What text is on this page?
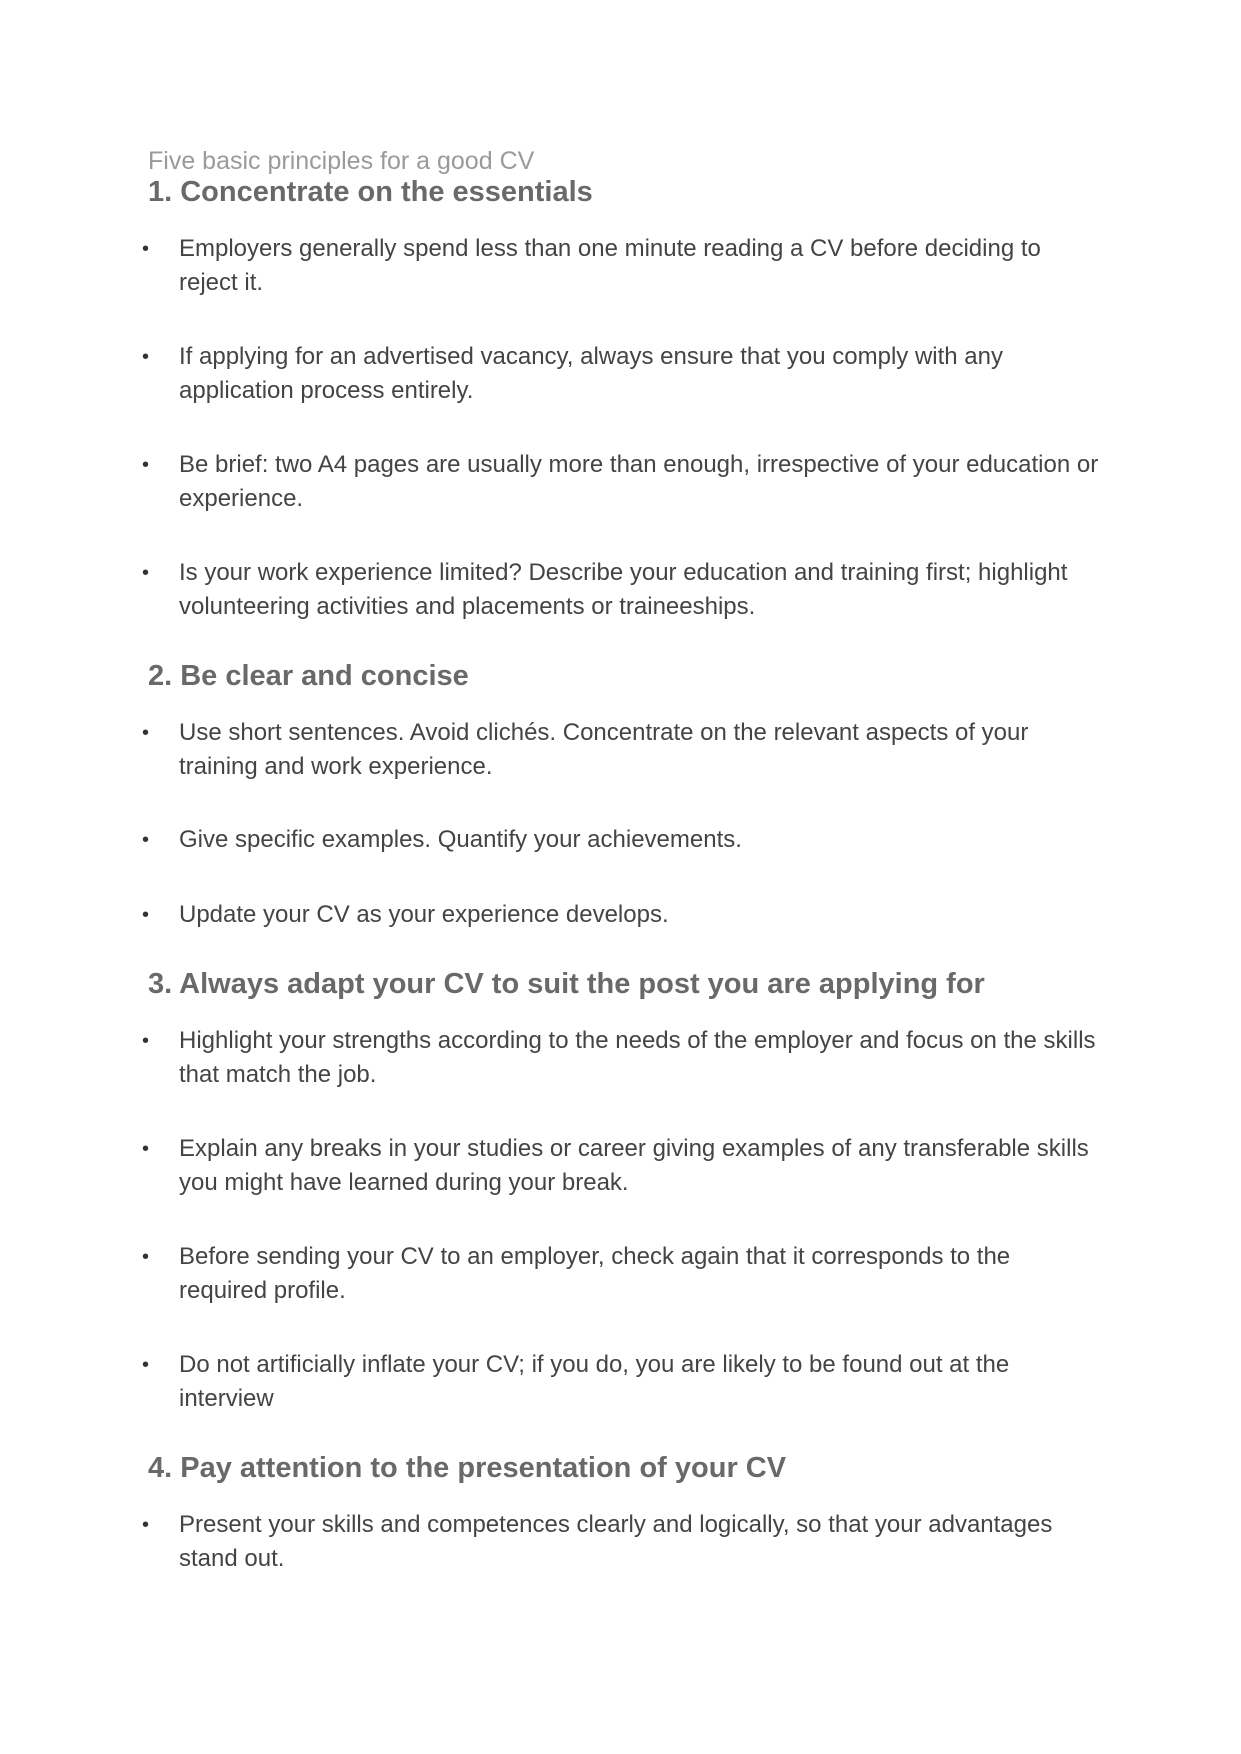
Five basic principles for a good CV
1. Concentrate on the essentials
• Employers generally spend less than one minute reading a CV before deciding to reject it.
• If applying for an advertised vacancy, always ensure that you comply with any application process entirely.
• Be brief: two A4 pages are usually more than enough, irrespective of your education or experience.
• Is your work experience limited? Describe your education and training first; highlight volunteering activities and placements or traineeships.
2. Be clear and concise
• Use short sentences. Avoid clichés. Concentrate on the relevant aspects of your training and work experience.
• Give specific examples. Quantify your achievements.
• Update your CV as your experience develops.
3. Always adapt your CV to suit the post you are applying for
• Highlight your strengths according to the needs of the employer and focus on the skills that match the job.
• Explain any breaks in your studies or career giving examples of any transferable skills you might have learned during your break.
• Before sending your CV to an employer, check again that it corresponds to the required profile.
• Do not artificially inflate your CV; if you do, you are likely to be found out at the interview
4. Pay attention to the presentation of your CV
• Present your skills and competences clearly and logically, so that your advantages stand out.
